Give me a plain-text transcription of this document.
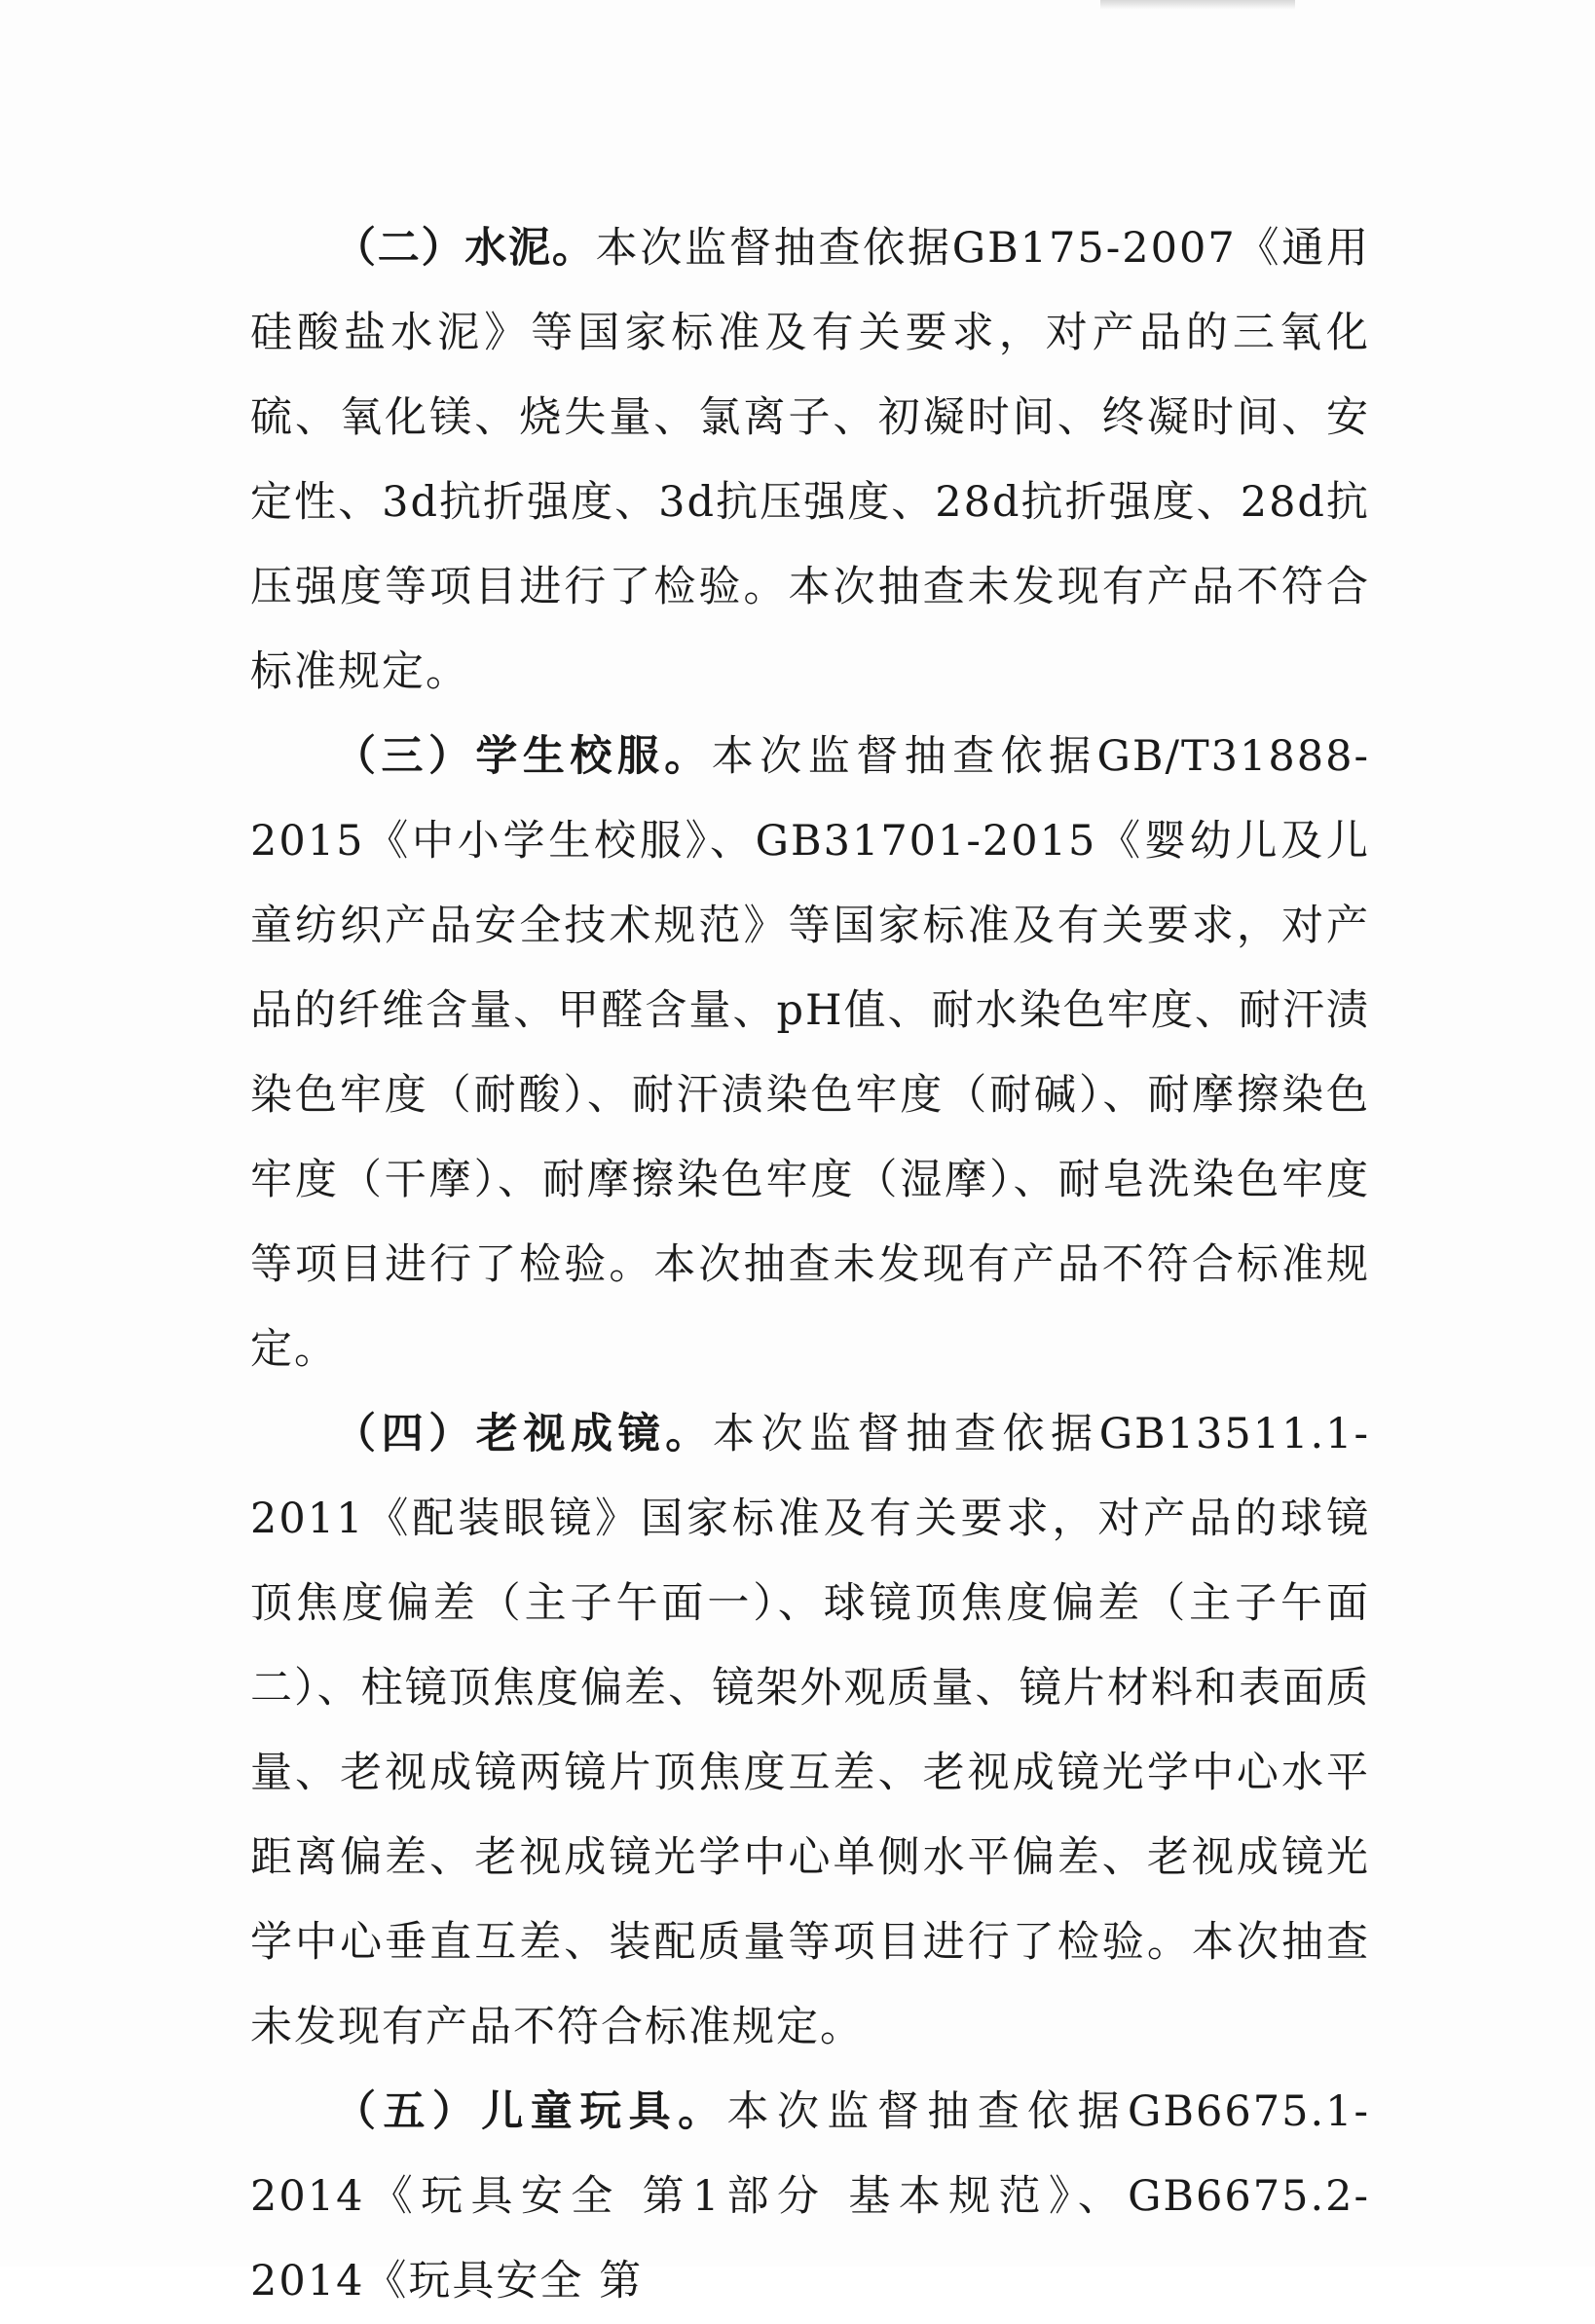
（二）水泥。本次监督抽查依据GB175-2007《通用硅酸盐水泥》等国家标准及有关要求，对产品的三氧化硫、氧化镁、烧失量、氯离子、初凝时间、终凝时间、安定性、3d抗折强度、3d抗压强度、28d抗折强度、28d抗压强度等项目进行了检验。本次抽查未发现有产品不符合标准规定。

（三）学生校服。本次监督抽查依据GB/T31888-2015《中小学生校服》、GB31701-2015《婴幼儿及儿童纺织产品安全技术规范》等国家标准及有关要求，对产品的纤维含量、甲醛含量、pH值、耐水染色牢度、耐汗渍染色牢度（耐酸）、耐汗渍染色牢度（耐碱）、耐摩擦染色牢度（干摩）、耐摩擦染色牢度（湿摩）、耐皂洗染色牢度等项目进行了检验。本次抽查未发现有产品不符合标准规定。

（四）老视成镜。本次监督抽查依据GB13511.1-2011《配装眼镜》国家标准及有关要求，对产品的球镜顶焦度偏差（主子午面一）、球镜顶焦度偏差（主子午面二）、柱镜顶焦度偏差、镜架外观质量、镜片材料和表面质量、老视成镜两镜片顶焦度互差、老视成镜光学中心水平距离偏差、老视成镜光学中心单侧水平偏差、老视成镜光学中心垂直互差、装配质量等项目进行了检验。本次抽查未发现有产品不符合标准规定。

（五）儿童玩具。本次监督抽查依据GB6675.1-2014《玩具安全 第1部分 基本规范》、GB6675.2-2014《玩具安全 第
